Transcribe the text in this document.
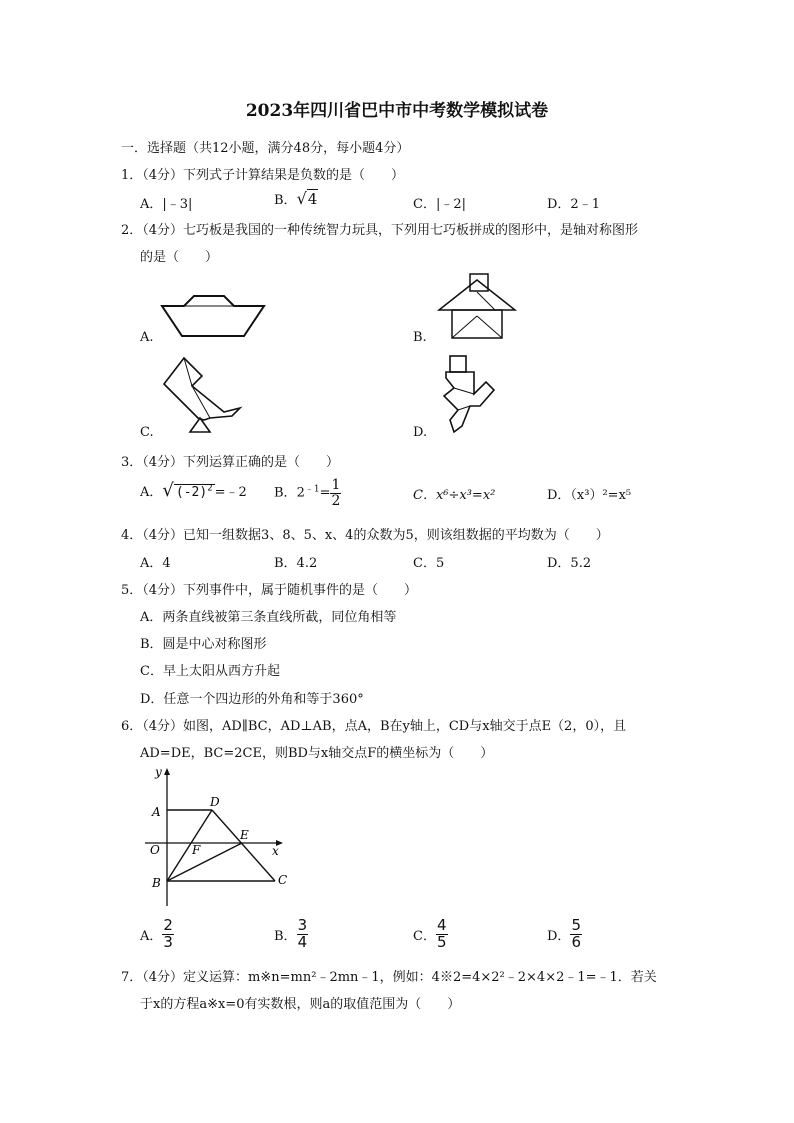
2023年四川省巴中市中考数学模拟试卷
一．选择题（共12小题，满分48分，每小题4分）
1．（4分）下列式子计算结果是负数的是（　　）
A．|﹣3|	B．√4	C．|﹣2|	D．2﹣1
2．（4分）七巧板是我国的一种传统智力玩具，下列用七巧板拼成的图形中，是轴对称图形
的是（　　）
A.	B.
C.	D.
3．（4分）下列运算正确的是（　　）
A．√ $(-2)^2$ =﹣2 B．$2^{﹣1}= \frac{1}{2}$	C．x⁶÷x³=x²	D．（x³）²=x⁵
4．（4分）已知一组数据3、8、5、x、4的众数为5，则该组数据的平均数为（　　）
A．4	B．4.2	C．5	D．5.2
5．（4分）下列事件中，属于随机事件的是（　　）
A．两条直线被第三条直线所截，同位角相等
B．圆是中心对称图形
C．早上太阳从西方升起
D．任意一个四边形的外角和等于360°
6．（4分）如图，AD∥BC，AD⊥AB，点A，B在y轴上，CD与x轴交于点E（2，0），且
AD=DE，BC=2CE，则BD与x轴交点F的横坐标为（　　）
y
x
A
D
O	F
E
B	C
A． $\frac{2}{3}$	B． $\frac{3}{4}$	C． $\frac{4}{5}$	D． $\frac{5}{6}$
7．（4分）定义运算：m※n=mn²﹣2mn﹣1，例如：4※2=4×2²﹣2×4×2﹣1=﹣1．若关
于x的方程a※x=0有实数根，则a的取值范围为（　　）
